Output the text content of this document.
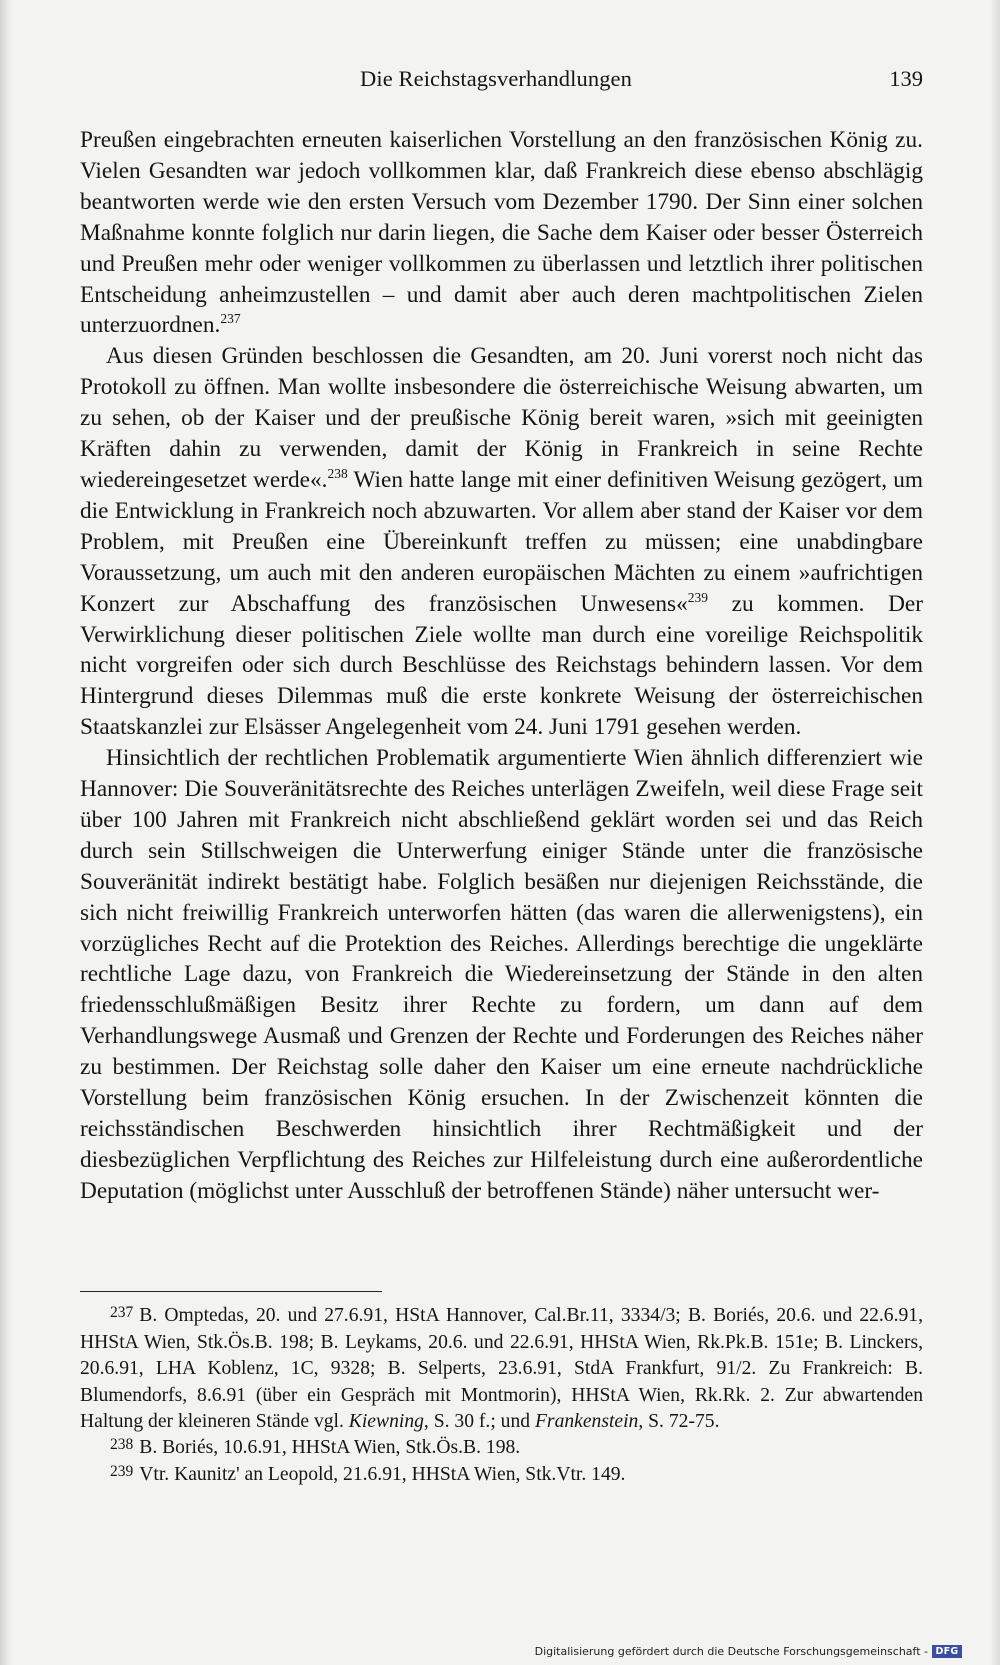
Die Reichstagsverhandlungen	139

Preußen eingebrachten erneuten kaiserlichen Vorstellung an den französischen König zu. Vielen Gesandten war jedoch vollkommen klar, daß Frankreich diese ebenso abschlägig beantworten werde wie den ersten Versuch vom Dezember 1790. Der Sinn einer solchen Maßnahme konnte folglich nur darin liegen, die Sache dem Kaiser oder besser Österreich und Preußen mehr oder weniger vollkommen zu überlassen und letztlich ihrer politischen Entscheidung anheimzustellen – und damit aber auch deren machtpolitischen Zielen unterzuordnen.$^{237}$

Aus diesen Gründen beschlossen die Gesandten, am 20. Juni vorerst noch nicht das Protokoll zu öffnen. Man wollte insbesondere die österreichische Weisung abwarten, um zu sehen, ob der Kaiser und der preußische König bereit waren, »sich mit geeinigten Kräften dahin zu verwenden, damit der König in Frankreich in seine Rechte wiedereingesetzet werde«.$^{238}$ Wien hatte lange mit einer definitiven Weisung gezögert, um die Entwicklung in Frankreich noch abzuwarten. Vor allem aber stand der Kaiser vor dem Problem, mit Preußen eine Übereinkunft treffen zu müssen; eine unabdingbare Voraussetzung, um auch mit den anderen europäischen Mächten zu einem »aufrichtigen Konzert zur Abschaffung des französischen Unwesens«$^{239}$ zu kommen. Der Verwirklichung dieser politischen Ziele wollte man durch eine voreilige Reichspolitik nicht vorgreifen oder sich durch Beschlüsse des Reichstags behindern lassen. Vor dem Hintergrund dieses Dilemmas muß die erste konkrete Weisung der österreichischen Staatskanzlei zur Elsässer Angelegenheit vom 24. Juni 1791 gesehen werden.

Hinsichtlich der rechtlichen Problematik argumentierte Wien ähnlich differenziert wie Hannover: Die Souveränitätsrechte des Reiches unterlägen Zweifeln, weil diese Frage seit über 100 Jahren mit Frankreich nicht abschließend geklärt worden sei und das Reich durch sein Stillschweigen die Unterwerfung einiger Stände unter die französische Souveränität indirekt bestätigt habe. Folglich besäßen nur diejenigen Reichsstände, die sich nicht freiwillig Frankreich unterworfen hätten (das waren die allerwenigstens), ein vorzügliches Recht auf die Protektion des Reiches. Allerdings berechtige die ungeklärte rechtliche Lage dazu, von Frankreich die Wiedereinsetzung der Stände in den alten friedensschlußmäßigen Besitz ihrer Rechte zu fordern, um dann auf dem Verhandlungswege Ausmaß und Grenzen der Rechte und Forderungen des Reiches näher zu bestimmen. Der Reichstag solle daher den Kaiser um eine erneute nachdrückliche Vorstellung beim französischen König ersuchen. In der Zwischenzeit könnten die reichsständischen Beschwerden hinsichtlich ihrer Rechtmäßigkeit und der diesbezüglichen Verpflichtung des Reiches zur Hilfeleistung durch eine außerordentliche Deputation (möglichst unter Ausschluß der betroffenen Stände) näher untersucht wer-

$^{237}$ B. Omptedas, 20. und 27.6.91, HStA Hannover, Cal.Br.11, 3334/3; B. Boriés, 20.6. und 22.6.91, HHStA Wien, Stk.Ös.B. 198; B. Leykams, 20.6. und 22.6.91, HHStA Wien, Rk.Pk.B. 151e; B. Linckers, 20.6.91, LHA Koblenz, 1C, 9328; B. Selperts, 23.6.91, StdA Frankfurt, 91/2. Zu Frankreich: B. Blumendorfs, 8.6.91 (über ein Gespräch mit Montmorin), HHStA Wien, Rk.Rk. 2. Zur abwartenden Haltung der kleineren Stände vgl. Kiewning, S. 30 f.; und Frankenstein, S. 72-75.

$^{238}$ B. Boriés, 10.6.91, HHStA Wien, Stk.Ös.B. 198.

$^{239}$ Vtr. Kaunitz' an Leopold, 21.6.91, HHStA Wien, Stk.Vtr. 149.

Digitalisierung gefördert durch die Deutsche Forschungsgemeinschaft - DFG
